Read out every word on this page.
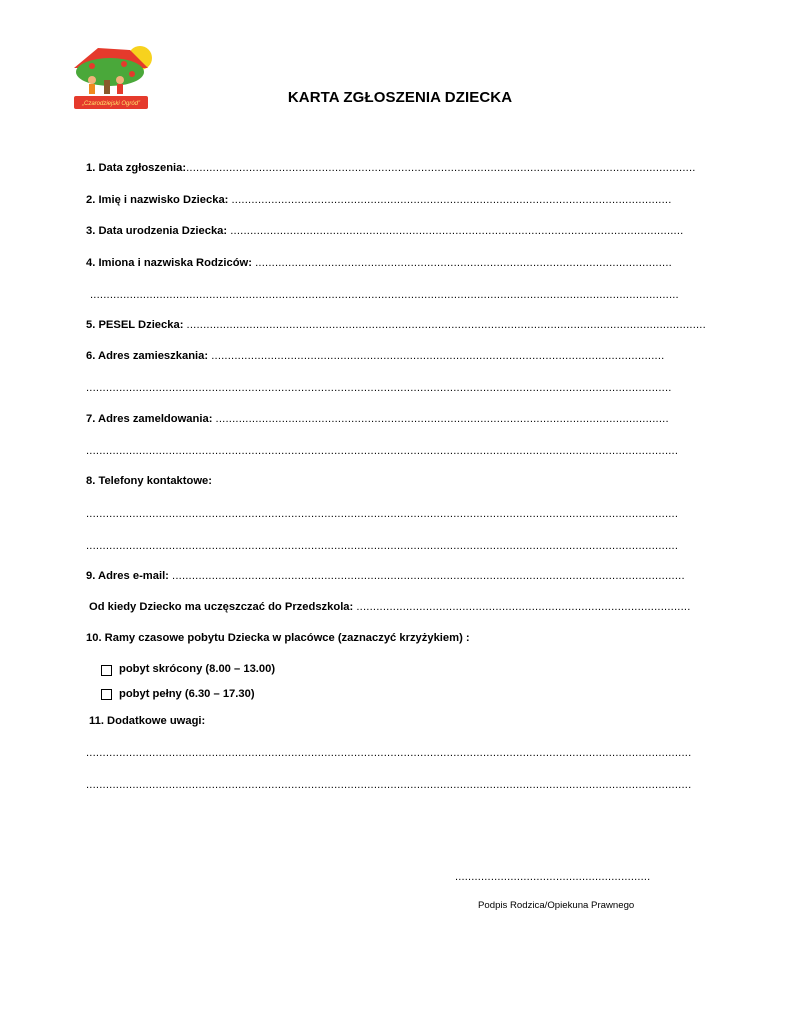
„Czarodziejski Ogród”	KARTA ZGŁOSZENIA DZIECKA
1. Data zgłoszenia:..........................................................................................................................................................
2. Imię i nazwisko Dziecka: .....................................................................................................................................
3. Data urodzenia Dziecka: .........................................................................................................................................
4. Imiona i nazwiska Rodziców: ..............................................................................................................................
..................................................................................................................................................................................
5. PESEL Dziecka: .............................................................................................................................................................
6. Adres zamieszkania: .........................................................................................................................................
.................................................................................................................................................................................
7. Adres zameldowania: .........................................................................................................................................
...................................................................................................................................................................................
8. Telefony kontaktowe:
...................................................................................................................................................................................
...................................................................................................................................................................................
9. Adres e-mail: ...........................................................................................................................................................
Od kiedy Dziecko ma uczęszczać do Przedszkola: .....................................................................................................
10. Ramy czasowe pobytu Dziecka w placówce (zaznaczyć krzyżykiem) :
pobyt skrócony (8.00 – 13.00)
pobyt pełny (6.30 – 17.30)
11. Dodatkowe uwagi:
.......................................................................................................................................................................................
.......................................................................................................................................................................................
............................................................
Podpis Rodzica/Opiekuna Prawnego
